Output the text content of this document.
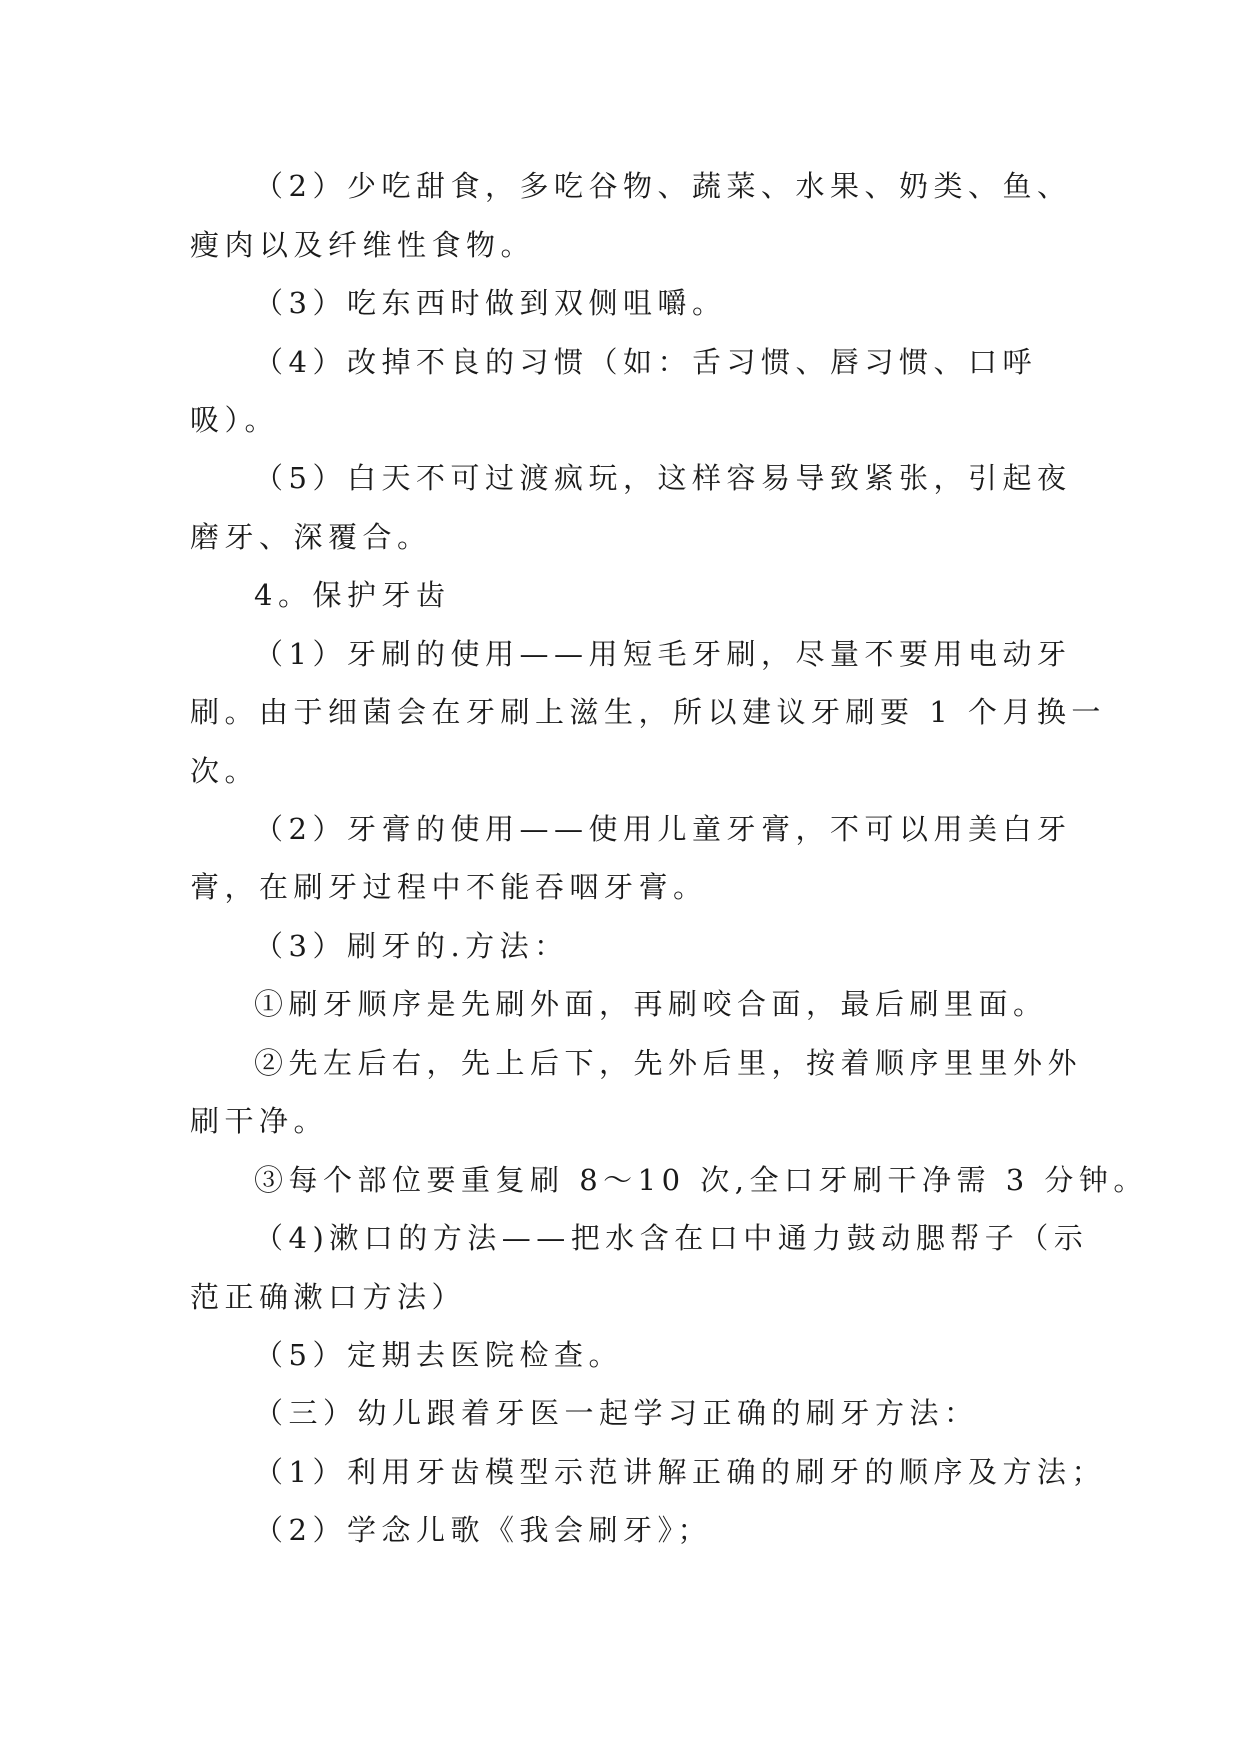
（2）少吃甜食，多吃谷物、蔬菜、水果、奶类、鱼、
瘦肉以及纤维性食物。
（3）吃东西时做到双侧咀嚼。
（4）改掉不良的习惯（如：舌习惯、唇习惯、口呼
吸）。
（5）白天不可过渡疯玩，这样容易导致紧张，引起夜
磨牙、深覆合。
4。保护牙齿
（1）牙刷的使用——用短毛牙刷，尽量不要用电动牙
刷。由于细菌会在牙刷上滋生，所以建议牙刷要 1 个月换一
次。
（2）牙膏的使用——使用儿童牙膏，不可以用美白牙
膏，在刷牙过程中不能吞咽牙膏。
（3）刷牙的.方法：
①刷牙顺序是先刷外面，再刷咬合面，最后刷里面。
②先左后右，先上后下，先外后里，按着顺序里里外外
刷干净。
③每个部位要重复刷 8～10 次,全口牙刷干净需 3 分钟。
（4)漱口的方法——把水含在口中通力鼓动腮帮子（示
范正确漱口方法）
（5）定期去医院检查。
（三）幼儿跟着牙医一起学习正确的刷牙方法：
（1）利用牙齿模型示范讲解正确的刷牙的顺序及方法；
（2）学念儿歌《我会刷牙》；
